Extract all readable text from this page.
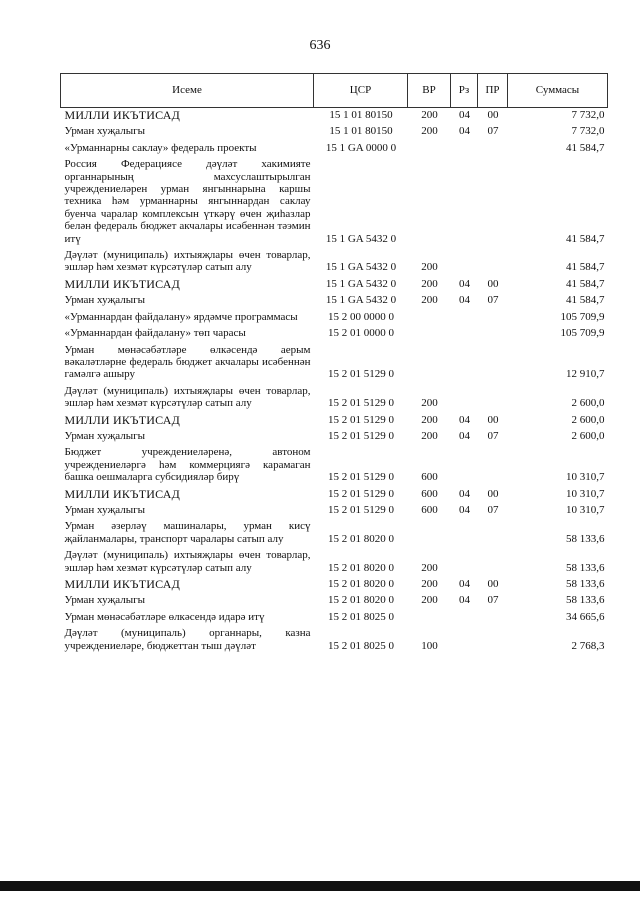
636
Исеме	ЦСР	ВР	Рз	ПР	Суммасы
МИЛЛИ ИКЪТИСАД	15 1 01 80150	200	04	00	7 732,0
Урман хуҗалыгы	15 1 01 80150	200	04	07	7 732,0
«Урманнарны саклау» федераль проекты	15 1 GA 0000 0				41 584,7
Россия Федерациясе дәүләт хакимияте органнарының махсуслаштырылган учреждениеләрен урман янгыннарына каршы техника һәм урманнарны янгыннардан саклау буенча чаралар комплексын үткәрү өчен җиһазлар белән федераль бюджет акчалары исәбеннән тәэмин итү	15 1 GA 5432 0				41 584,7
Дәүләт (муниципаль) ихтыяҗлары өчен товарлар, эшләр һәм хезмәт күрсәтүләр сатып алу	15 1 GA 5432 0	200			41 584,7
МИЛЛИ ИКЪТИСАД	15 1 GA 5432 0	200	04	00	41 584,7
Урман хуҗалыгы	15 1 GA 5432 0	200	04	07	41 584,7
«Урманнардан файдалану» ярдәмче программасы	15 2 00 0000 0				105 709,9
«Урманнардан файдалану» төп чарасы	15 2 01 0000 0				105 709,9
Урман мөнәсәбәтләре өлкәсендә аерым вәкаләтләрне федераль бюджет акчалары исәбеннән гамәлгә ашыру	15 2 01 5129 0				12 910,7
Дәүләт (муниципаль) ихтыяҗлары өчен товарлар, эшләр һәм хезмәт күрсәтүләр сатып алу	15 2 01 5129 0	200			2 600,0
МИЛЛИ ИКЪТИСАД	15 2 01 5129 0	200	04	00	2 600,0
Урман хуҗалыгы	15 2 01 5129 0	200	04	07	2 600,0
Бюджет учреждениеләренә, автоном учреждениеләргә һәм коммерциягә карамаган башка оешмаларга субсидияләр бирү	15 2 01 5129 0	600			10 310,7
МИЛЛИ ИКЪТИСАД	15 2 01 5129 0	600	04	00	10 310,7
Урман хуҗалыгы	15 2 01 5129 0	600	04	07	10 310,7
Урман әзерләү машиналары, урман кисү җайланмалары, транспорт чаралары сатып алу	15 2 01 8020 0				58 133,6
Дәүләт (муниципаль) ихтыяҗлары өчен товарлар, эшләр һәм хезмәт күрсәтүләр сатып алу	15 2 01 8020 0	200			58 133,6
МИЛЛИ ИКЪТИСАД	15 2 01 8020 0	200	04	00	58 133,6
Урман хуҗалыгы	15 2 01 8020 0	200	04	07	58 133,6
Урман мөнәсәбәтләре өлкәсендә идарә итү	15 2 01 8025 0				34 665,6
Дәүләт (муниципаль) органнары, казна учреждениеләре, бюджеттан тыш дәүләт	15 2 01 8025 0	100			2 768,3
